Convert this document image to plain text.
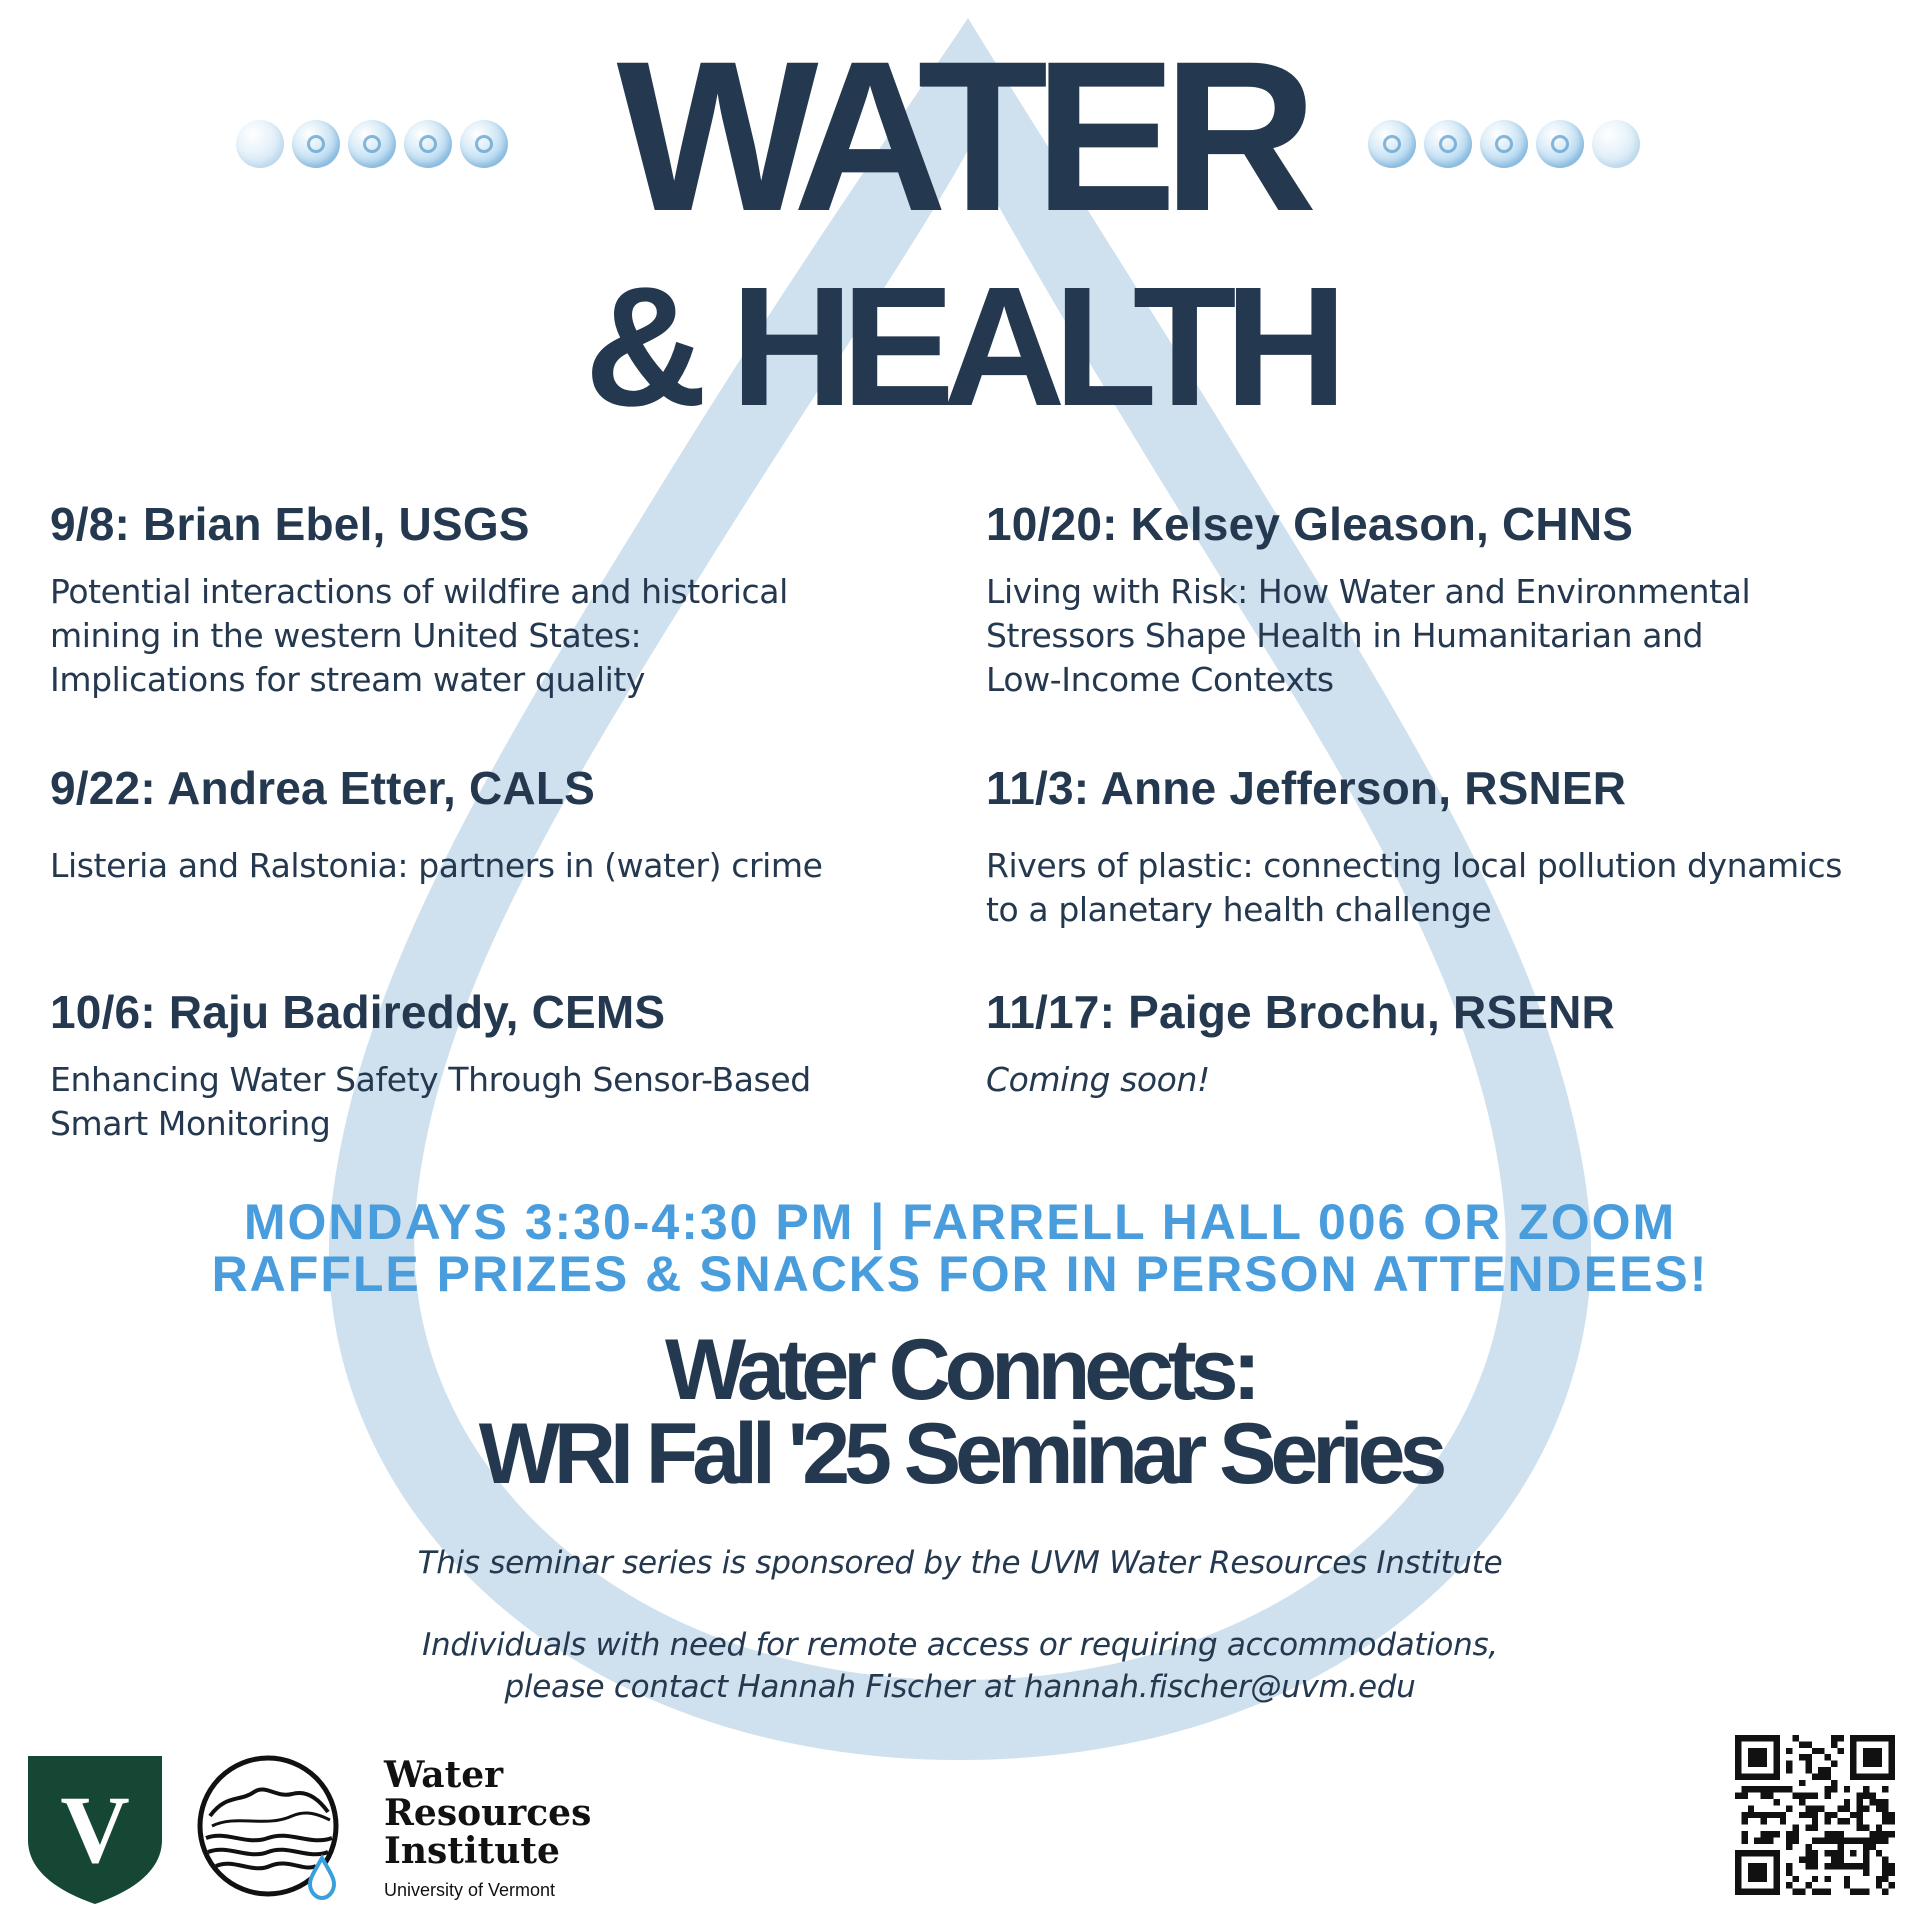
WATER
& HEALTH
9/8: Brian Ebel, USGS

Potential interactions of wildfire and historical
mining in the western United States:
Implications for stream water quality

10/20: Kelsey Gleason, CHNS

Living with Risk: How Water and Environmental
Stressors Shape Health in Humanitarian and
Low-Income Contexts

9/22: Andrea Etter, CALS

Listeria and Ralstonia: partners in (water) crime

11/3: Anne Jefferson, RSNER

Rivers of plastic: connecting local pollution dynamics
to a planetary health challenge

10/6: Raju Badireddy, CEMS

Enhancing Water Safety Through Sensor-Based
Smart Monitoring

11/17: Paige Brochu, RSENR

Coming soon!

MONDAYS 3:30-4:30 PM | FARRELL HALL 006 OR ZOOM
RAFFLE PRIZES & SNACKS FOR IN PERSON ATTENDEES!
Water Connects:
WRI Fall '25 Seminar Series
This seminar series is sponsored by the UVM Water Resources Institute
Individuals with need for remote access or requiring accommodations,
please contact Hannah Fischer at hannah.fischer@uvm.edu
V
Water
Resources
Institute
University of Vermont
